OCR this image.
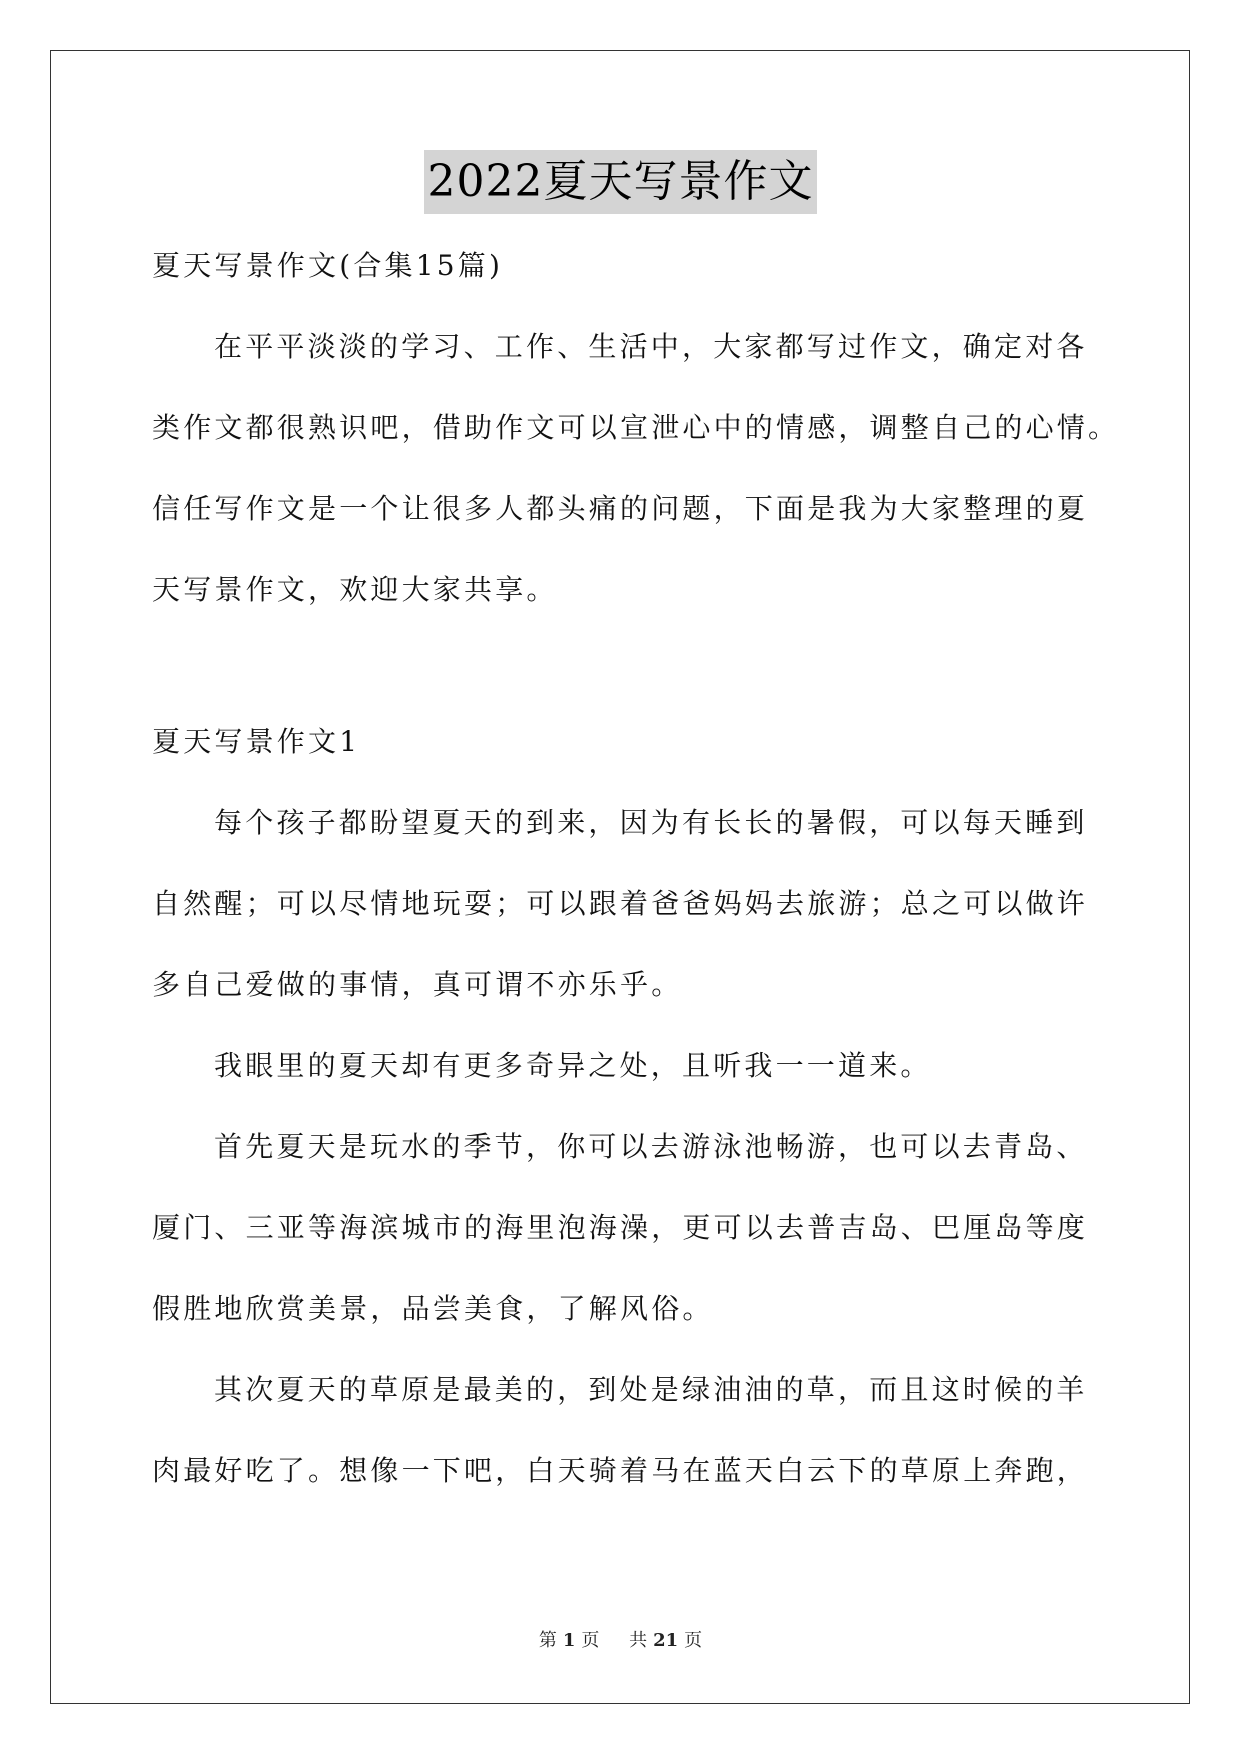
2022夏天写景作文
夏天写景作文(合集15篇)
在平平淡淡的学习、工作、生活中，大家都写过作文，确定对各
类作文都很熟识吧，借助作文可以宣泄心中的情感，调整自己的心情。
信任写作文是一个让很多人都头痛的问题，下面是我为大家整理的夏
天写景作文，欢迎大家共享。
夏天写景作文1
每个孩子都盼望夏天的到来，因为有长长的暑假，可以每天睡到
自然醒；可以尽情地玩耍；可以跟着爸爸妈妈去旅游；总之可以做许
多自己爱做的事情，真可谓不亦乐乎。
我眼里的夏天却有更多奇异之处，且听我一一道来。
首先夏天是玩水的季节，你可以去游泳池畅游，也可以去青岛、
厦门、三亚等海滨城市的海里泡海澡，更可以去普吉岛、巴厘岛等度
假胜地欣赏美景，品尝美食，了解风俗。
其次夏天的草原是最美的，到处是绿油油的草，而且这时候的羊
肉最好吃了。想像一下吧，白天骑着马在蓝天白云下的草原上奔跑，
第 1 页 共 21 页
